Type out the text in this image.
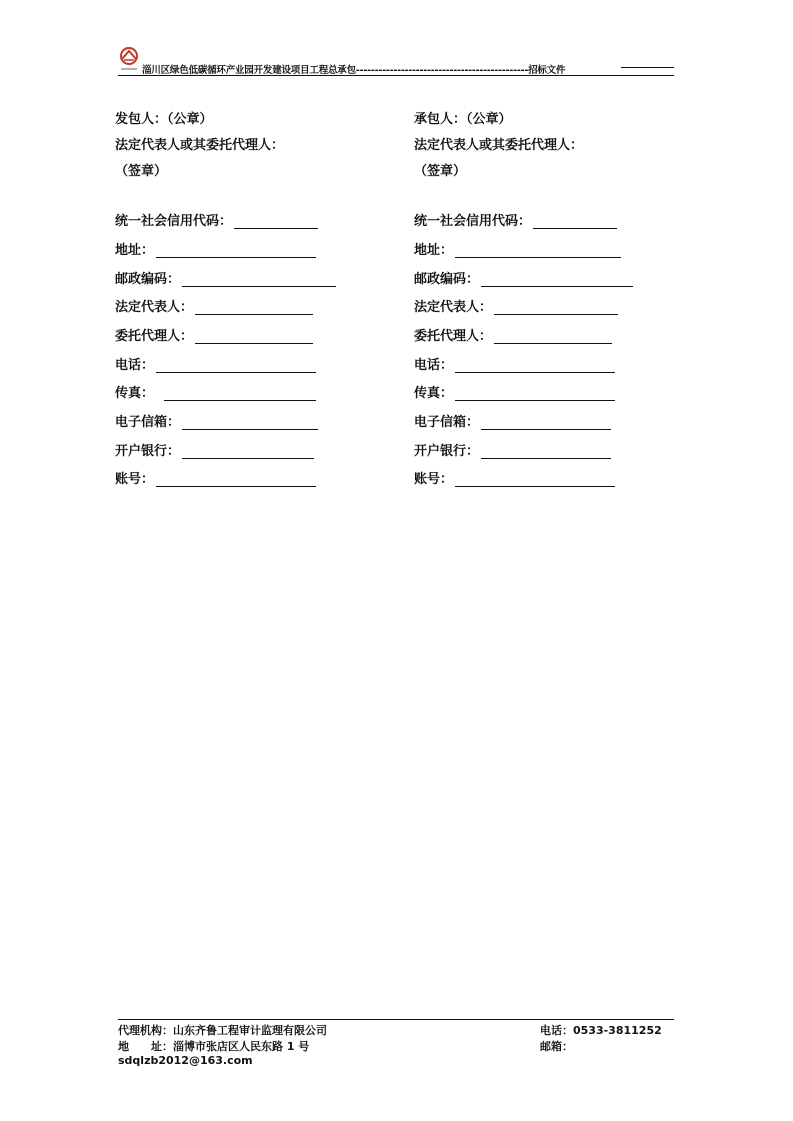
淄川区绿色低碳循环产业园开发建设项目工程总承包----------------------------------------------招标文件
发包人：（公章）
法定代表人或其委托代理人：
（签章）
统一社会信用代码：
地址：
邮政编码：
法定代表人：
委托代理人：
电话：
传真：
电子信箱：
开户银行：
账号：
承包人：（公章）
法定代表人或其委托代理人：
（签章）
统一社会信用代码：
地址：
邮政编码：
法定代表人：
委托代理人：
电话：
传真：
电子信箱：
开户银行：
账号：
代理机构：山东齐鲁工程审计监理有限公司	电话：0533-3811252
地　　址：淄博市张店区人民东路 1 号	邮箱：
sdqlzb2012@163.com
